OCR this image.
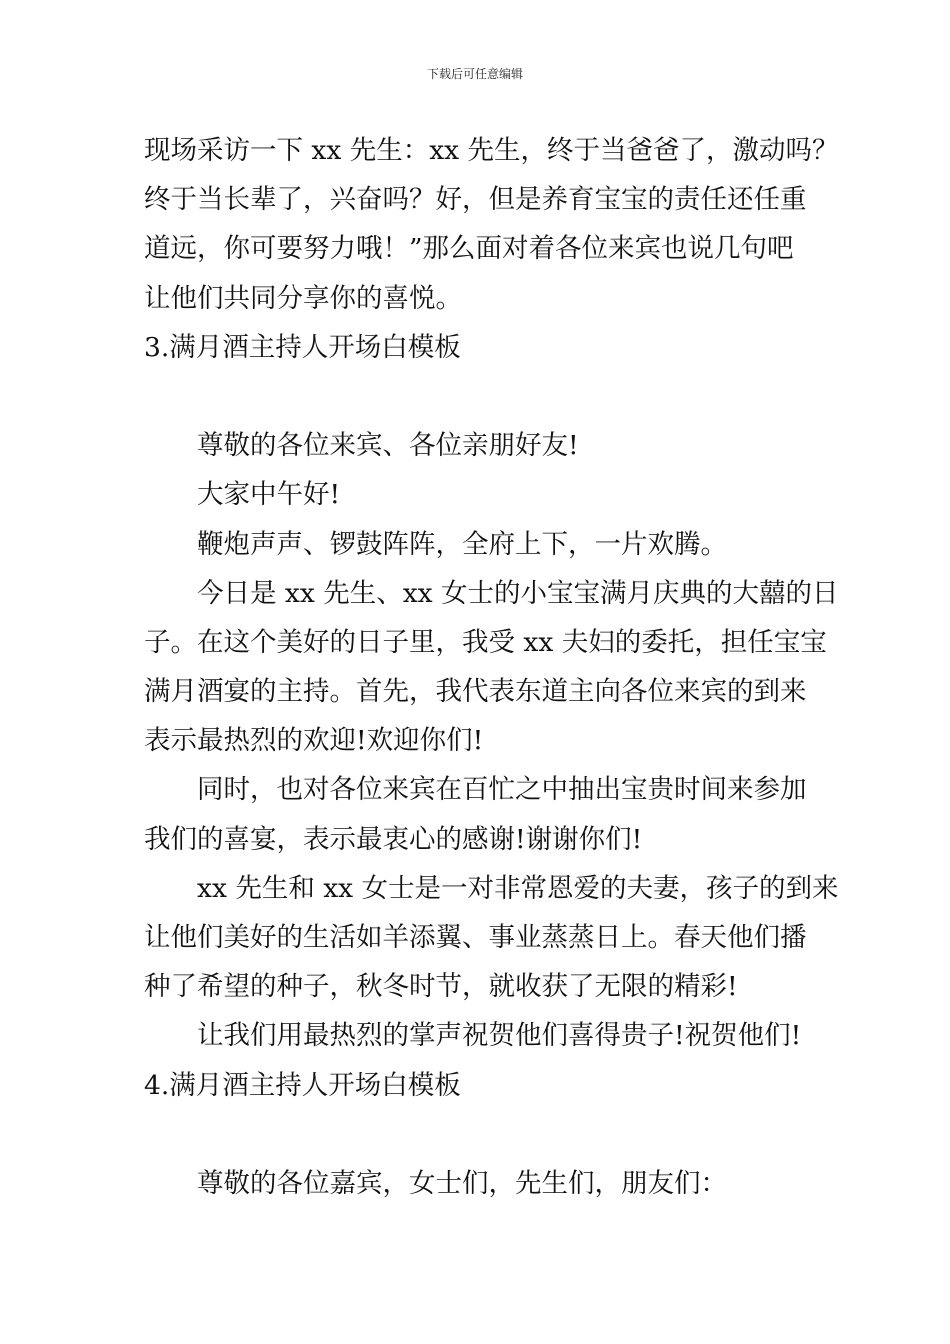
下载后可任意编辑
现场采访一下 xx 先生：xx 先生，终于当爸爸了，激动吗？
终于当长辈了，兴奋吗？好，但是养育宝宝的责任还任重
道远，你可要努力哦！”那么面对着各位来宾也说几句吧
让他们共同分享你的喜悦。
3.满月酒主持人开场白模板
尊敬的各位来宾、各位亲朋好友!
大家中午好!
鞭炮声声、锣鼓阵阵，全府上下，一片欢腾。
今日是 xx 先生、xx 女士的小宝宝满月庆典的大囍的日
子。在这个美好的日子里，我受 xx 夫妇的委托，担任宝宝
满月酒宴的主持。首先，我代表东道主向各位来宾的到来
表示最热烈的欢迎!欢迎你们!
同时，也对各位来宾在百忙之中抽出宝贵时间来参加
我们的喜宴，表示最衷心的感谢!谢谢你们!
xx 先生和 xx 女士是一对非常恩爱的夫妻，孩子的到来
让他们美好的生活如羊添翼、事业蒸蒸日上。春天他们播
种了希望的种子，秋冬时节，就收获了无限的精彩!
让我们用最热烈的掌声祝贺他们喜得贵子!祝贺他们!
4.满月酒主持人开场白模板
尊敬的各位嘉宾，女士们，先生们，朋友们：
